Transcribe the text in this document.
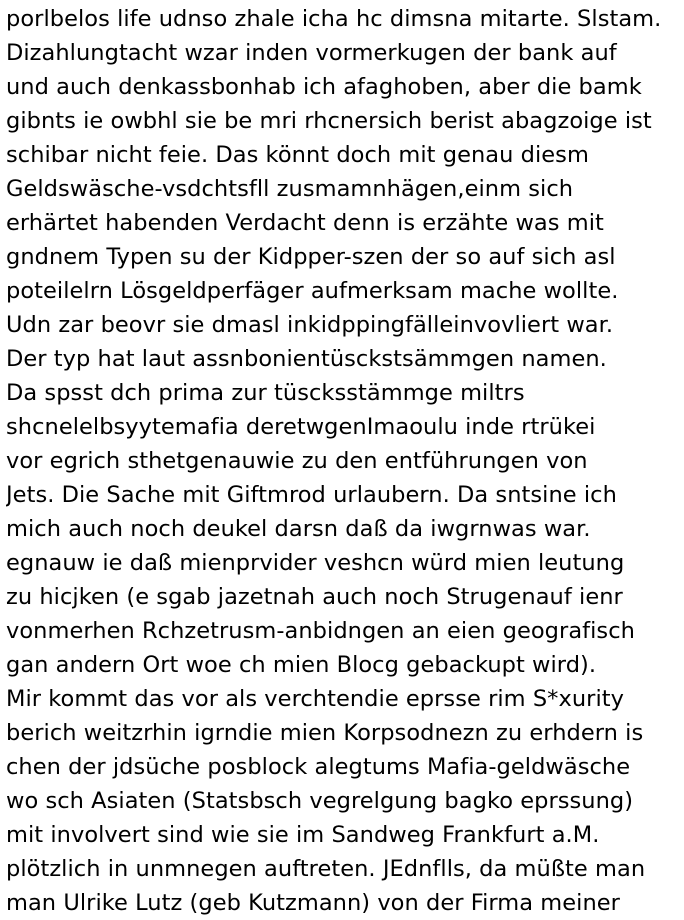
porlbelos life udnso zhale icha hc dimsna mitarte. Slstam.
Dizahlungtacht wzar inden vormerkugen der bank auf
und auch denkassbonhab ich afaghoben, aber die bamk
gibnts ie owbhl sie be mri rhcnersich berist abagzoige ist
schibar nicht feie. Das könnt doch mit genau diesm
Geldswäsche-vsdchtsfll zusmamnhägen,einm sich
erhärtet habenden Verdacht denn is erzähte was mit
gndnem Typen su der Kidpper-szen der so auf sich asl
poteilelrn Lösgeldperfäger aufmerksam mache wollte.
Udn zar beovr sie dmasl inkidppingfälleinvovliert war.
Der typ hat laut assnbonientüsckstsämmgen namen.
Da spsst dch prima zur tüscksstämmge miltrs
shcnelelbsyytemafia deretwgenImaoulu inde rtrükei
vor egrich sthetgenauwie zu den entführungen von
Jets. Die Sache mit Giftmrod urlaubern. Da sntsine ich
mich auch noch deukel darsn daß da iwgrnwas war.
egnauw ie daß mienprvider veshcn würd mien leutung
zu hicjken (e sgab jazetnah auch noch Strugenauf ienr
vonmerhen Rchzetrusm-anbidngen an eien geografisch
gan andern Ort woe ch mien Blocg gebackupt wird).
Mir kommt das vor als verchtendie eprsse rim S*xurity
berich weitzrhin igrndie mien Korpsodnezn zu erhdern is
chen der jdsüche posblock alegtums Mafia-geldwäsche
wo sch Asiaten (Statsbsch vegrelgung bagko eprssung)
mit involvert sind wie sie im Sandweg Frankfurt a.M.
plötzlich in unmnegen auftreten. JEdnflls, da müßte man
man Ulrike Lutz (geb Kutzmann) von der Firma meiner
